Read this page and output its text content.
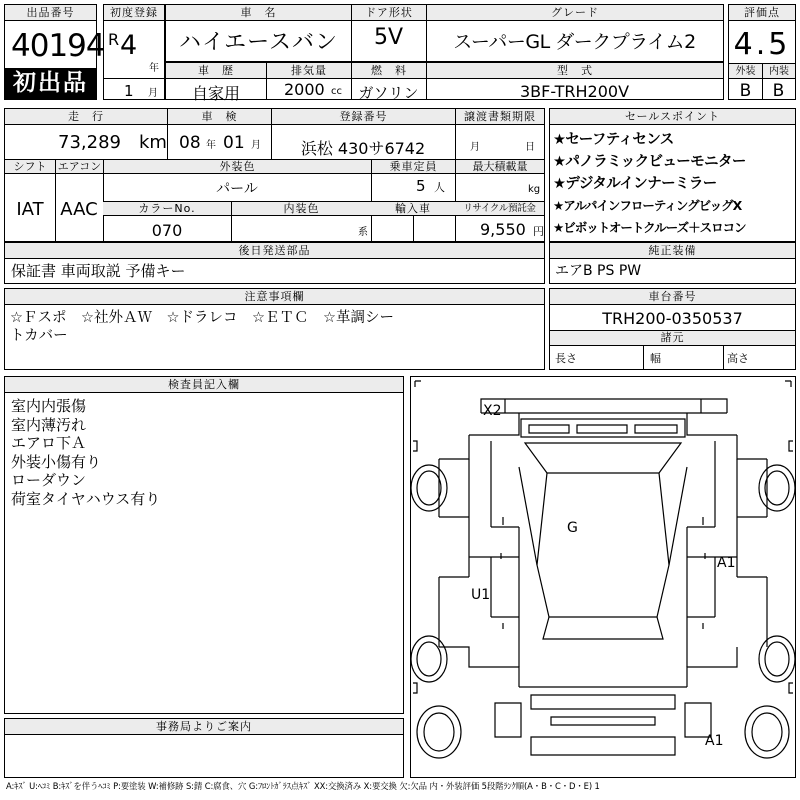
出品番号
40194
初出品
初度登録
R 4
年
1 月
車　名	ドア形状	グレード
ハイエースバン	5V	スーパーGL ダークプライム2
車　歴	排気量	燃　料	型　式
自家用	2000 cc	ガソリン	3BF-TRH200V
評価点
4.5
外装	内装
B	B
走　行	車　検	登録番号	譲渡書類期限
73,289 km 08 年 01 月	浜松 430サ6742	月	日
シフト	エアコン	外装色	乗車定員	最大積載量
IAT AAC
パール	5 人	kg
カラーNo.	内装色	輸入車	リサイクル預託金
070	系	9,550 円
セールスポイント
★セーフティセンス
★パノラミックビューモニター
★デジタルインナーミラー
★アルパインフローティングビッグX
★ビボットオートクルーズ＋スロコン
後日発送部品
保証書 車両取説 予備キー
純正装備
エアB PS PW
注意事項欄
☆Ｆスポ　☆社外ＡＷ　☆ドラレコ　☆ＥＴＣ　☆革調シー
トカバー
車台番号
TRH200-0350537
諸元
長さ	幅	高さ
検査員記入欄
室内内張傷
室内薄汚れ
エアロ下Ａ
外装小傷有り
ローダウン
荷室タイヤハウス有り
事務局よりご案内
X2
G
A1
U1
A1
A:ｷｽﾞ U:ﾍｺﾐ B:ｷｽﾞを伴うﾍｺﾐ P:要塗装 W:補修跡 S:錆 C:腐食、穴 G:ﾌﾛﾝﾄｶﾞﾗｽ点ｷｽﾞ XX:交換済み X:要交換 欠:欠品 内・外装評価 5段階ﾗﾝｸ順(A・B・C・D・E) 1
